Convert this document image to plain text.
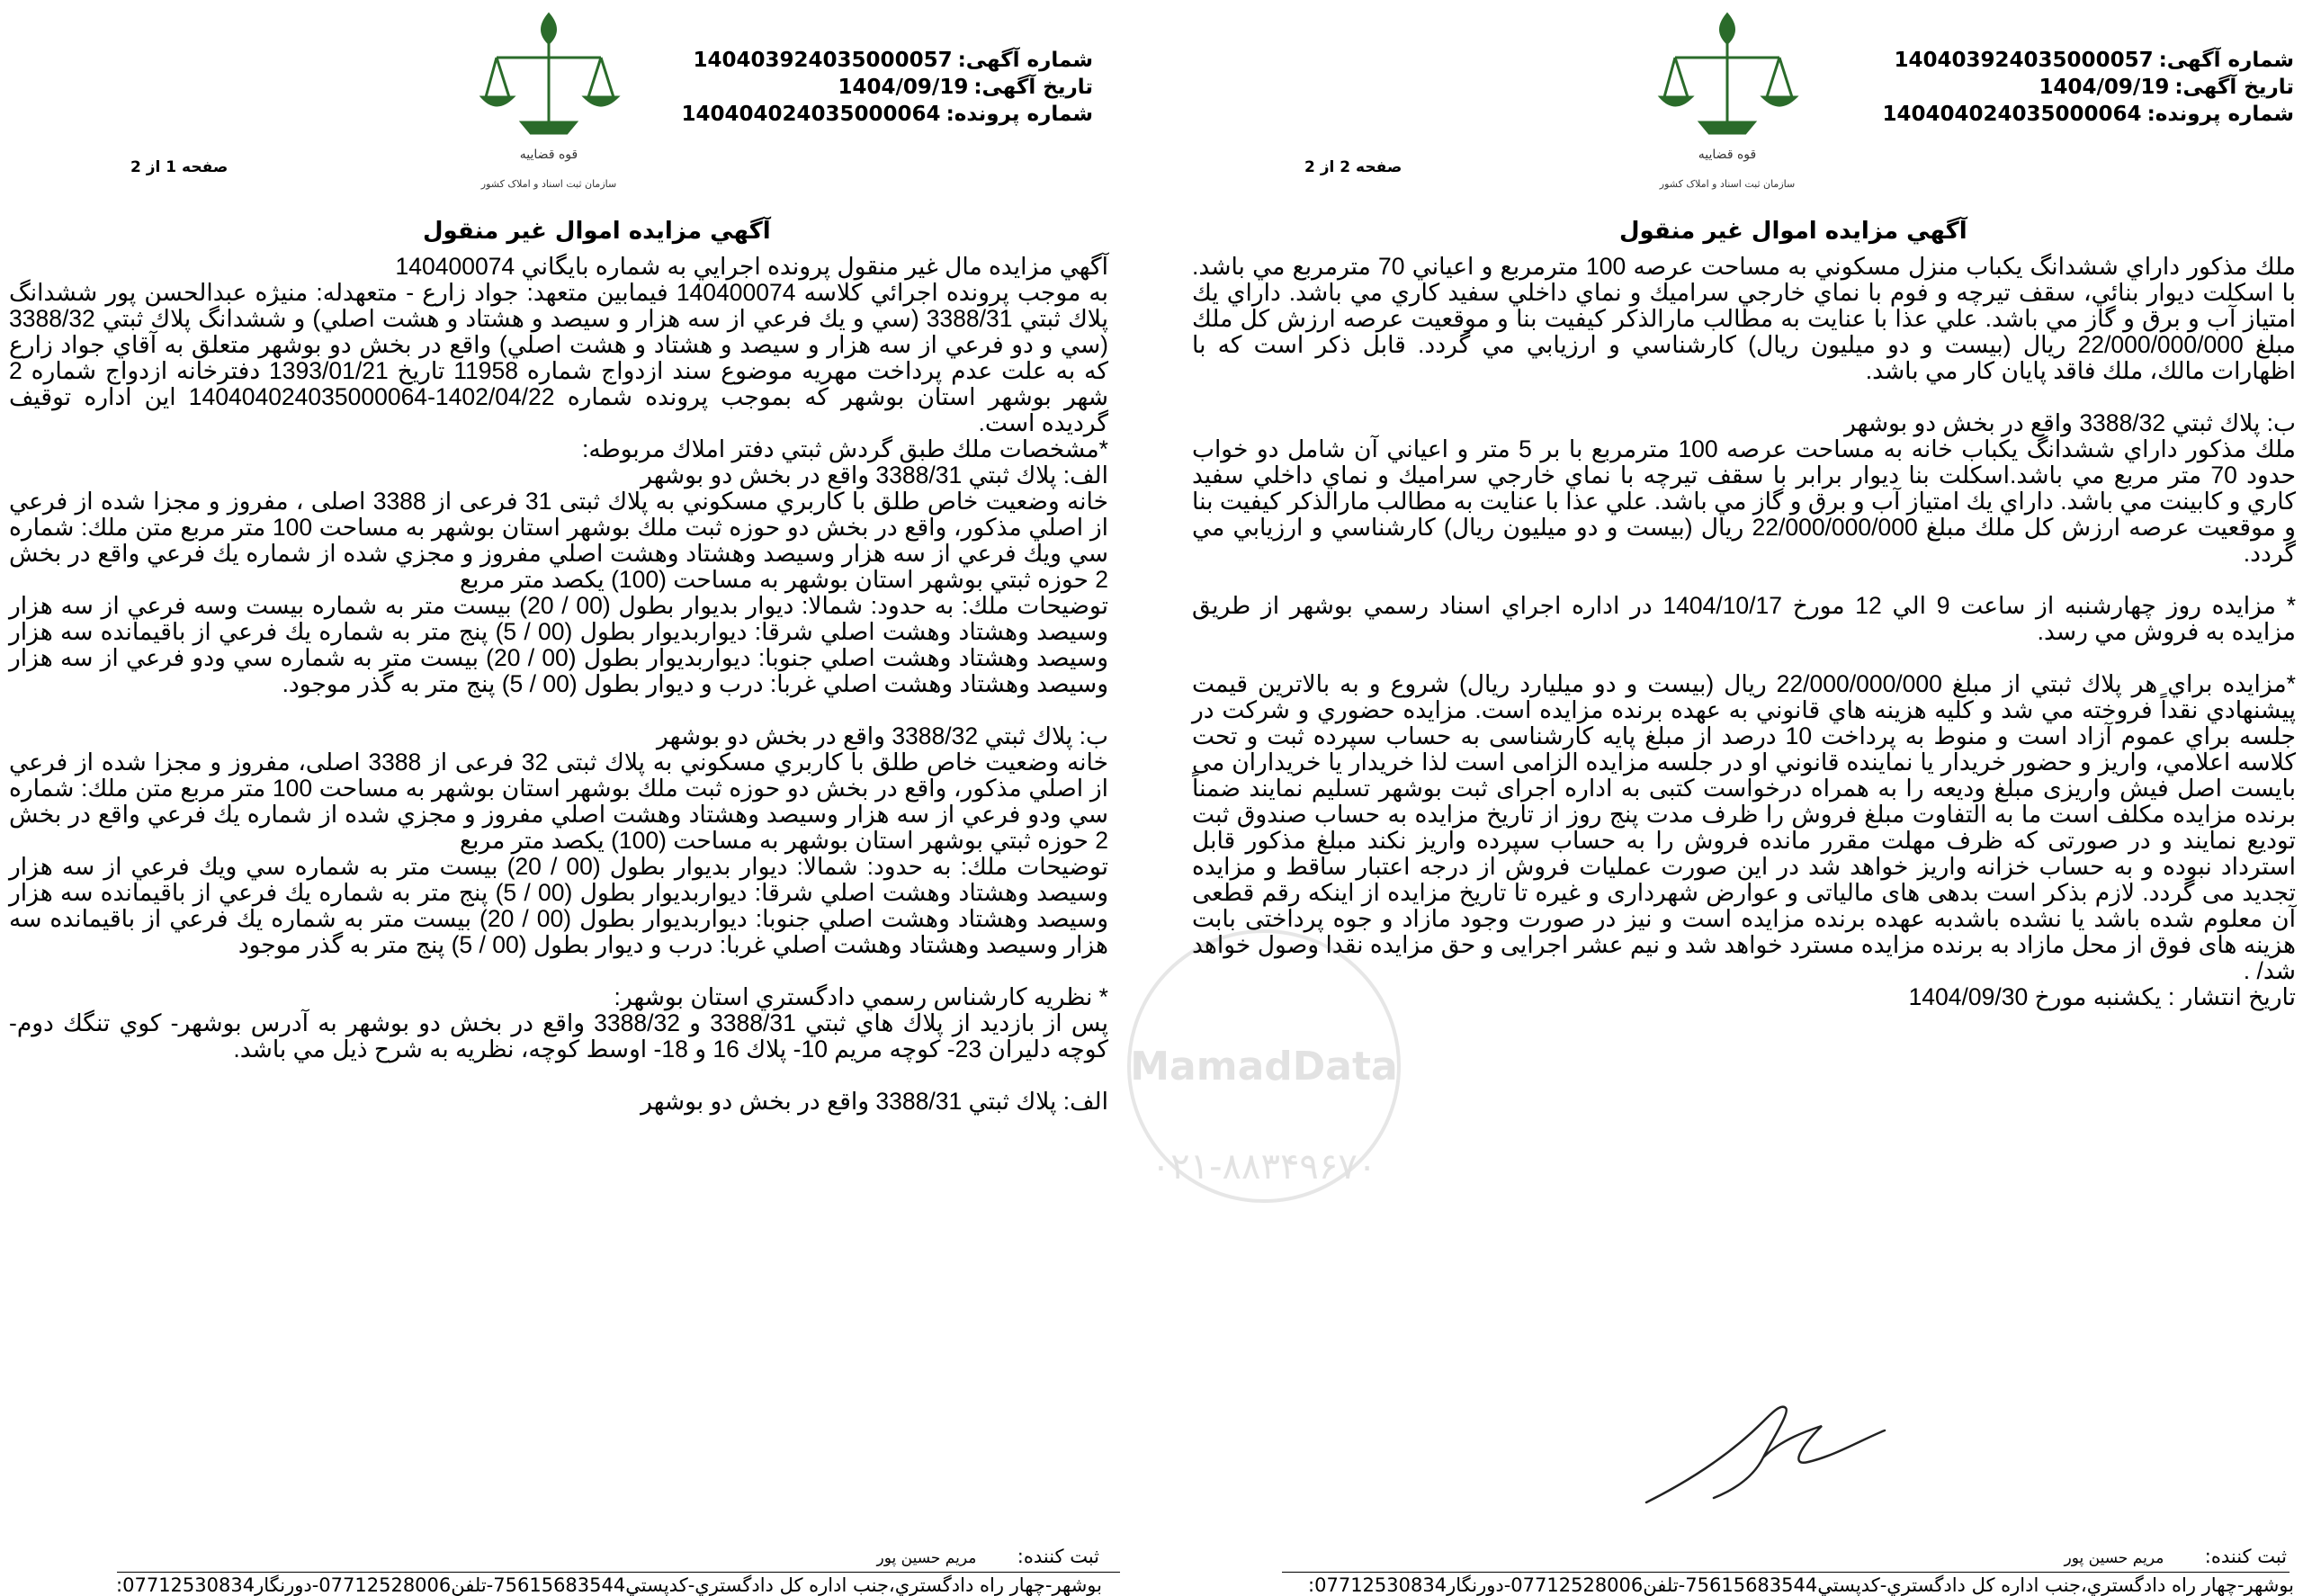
شماره آگهی:140403924035000057
تاریخ آگهی:1404/09/19
شماره پرونده:140404024035000064
قوه قضاییه
سازمان ثبت اسناد و املاک کشور
صفحه 1 از 2
آگهي مزايده اموال غير منقول

آگهي مزايده مال غير منقول پرونده اجرايي به شماره بايگاني 140400074

به موجب پرونده اجرائي كلاسه 140400074 فيمابين متعهد: جواد زارع - متعهدله: منيژه عبدالحسن پور ششدانگ پلاك ثبتي 3388/31 (سي و يك فرعي از سه هزار و سيصد و هشتاد و هشت اصلي) و ششدانگ پلاك ثبتي 3388/32 (سي و دو فرعي از سه هزار و سيصد و هشتاد و هشت اصلي) واقع در بخش دو بوشهر متعلق به آقاي جواد زارع كه به علت عدم پرداخت مهريه موضوع سند ازدواج شماره 11958 تاريخ 1393/01/21 دفترخانه ازدواج شماره 2 شهر بوشهر استان بوشهر كه بموجب پرونده شماره 1402/04/22-140404024035000064 اين اداره توقيف گرديده است.

*مشخصات ملك طبق گردش ثبتي دفتر املاك مربوطه:

الف: پلاك ثبتي 3388/31 واقع در بخش دو بوشهر

خانه وضعيت خاص طلق با كاربري مسكوني به پلاك ثبتی 31 فرعی از 3388 اصلی ، مفروز و مجزا شده از فرعي از اصلي مذكور، واقع در بخش دو حوزه ثبت ملك بوشهر استان بوشهر به مساحت 100 متر مربع متن ملك: شماره سي ويك فرعي از سه هزار وسيصد وهشتاد وهشت اصلي مفروز و مجزي شده از شماره يك فرعي واقع در بخش 2 حوزه ثبتي بوشهر استان بوشهر به مساحت (100) يكصد متر مربع

توضيحات ملك: به حدود: شمالا: ديوار بديوار بطول (00 / 20) بيست متر به شماره بيست وسه فرعي از سه هزار وسيصد وهشتاد وهشت اصلي شرقا: ديواربديوار بطول (00 / 5) پنج متر به شماره يك فرعي از باقيمانده سه هزار وسيصد وهشتاد وهشت اصلي جنوبا: ديواربديوار بطول (00 / 20) بيست متر به شماره سي ودو فرعي از سه هزار وسيصد وهشتاد وهشت اصلي غربا: درب و ديوار بطول (00 / 5) پنج متر به گذر موجود.

ب: پلاك ثبتي 3388/32 واقع در بخش دو بوشهر

خانه وضعيت خاص طلق با كاربري مسكوني به پلاك ثبتی 32 فرعی از 3388 اصلی، مفروز و مجزا شده از فرعي از اصلي مذكور، واقع در بخش دو حوزه ثبت ملك بوشهر استان بوشهر به مساحت 100 متر مربع متن ملك: شماره سي ودو فرعي از سه هزار وسيصد وهشتاد وهشت اصلي مفروز و مجزي شده از شماره يك فرعي واقع در بخش 2 حوزه ثبتي بوشهر استان بوشهر به مساحت (100) يكصد متر مربع

توضيحات ملك: به حدود: شمالا: ديوار بديوار بطول (00 / 20) بيست متر به شماره سي ويك فرعي از سه هزار وسيصد وهشتاد وهشت اصلي شرقا: ديواربديوار بطول (00 / 5) پنج متر به شماره يك فرعي از باقيمانده سه هزار وسيصد وهشتاد وهشت اصلي جنوبا: ديواربديوار بطول (00 / 20) بيست متر به شماره يك فرعي از باقيمانده سه هزار وسيصد وهشتاد وهشت اصلي غربا: درب و ديوار بطول (00 / 5) پنج متر به گذر موجود

* نظريه كارشناس رسمي دادگستري استان بوشهر:

پس از بازديد از پلاك هاي ثبتي 3388/31 و 3388/32 واقع در بخش دو بوشهر به آدرس بوشهر- كوي تنگك دوم- كوچه دليران 23- كوچه مريم 10- پلاك 16 و 18- اوسط كوچه، نظريه به شرح ذيل مي باشد.

الف: پلاك ثبتي 3388/31 واقع در بخش دو بوشهر

ثبت کننده: مریم حسین پور
بوشهر-چهار راه دادگستري،جنب اداره کل دادگستري-کدپستي75615683544-تلفن07712528006-دورنگار07712530834:
شماره آگهی:140403924035000057
تاریخ آگهی:1404/09/19
شماره پرونده:140404024035000064
قوه قضاییه
سازمان ثبت اسناد و املاک کشور
صفحه 2 از 2
آگهي مزايده اموال غير منقول

ملك مذكور داراي ششدانگ يكباب منزل مسكوني به مساحت عرصه 100 مترمربع و اعياني 70 مترمربع مي باشد. با اسكلت ديوار بنائي، سقف تيرچه و فوم با نماي خارجي سراميك و نماي داخلي سفيد كاري مي باشد. داراي يك امتياز آب و برق و گاز مي باشد. علي عذا با عنايت به مطالب مارالذكر كيفيت بنا و موقعيت عرصه ارزش كل ملك مبلغ 22/000/000/000 ريال (بيست و دو ميليون ريال) كارشناسي و ارزيابي مي گردد. قابل ذكر است كه با اظهارات مالك، ملك فاقد پايان كار مي باشد.

ب: پلاك ثبتي 3388/32 واقع در بخش دو بوشهر

ملك مذكور داراي ششدانگ يكباب خانه به مساحت عرصه 100 مترمربع با بر 5 متر و اعياني آن شامل دو خواب حدود 70 متر مربع مي باشد.اسكلت بنا ديوار برابر با سقف تيرچه با نماي خارجي سراميك و نماي داخلي سفيد كاري و كابينت مي باشد. داراي يك امتياز آب و برق و گاز مي باشد. علي عذا با عنايت به مطالب مارالذكر كيفيت بنا و موقعيت عرصه ارزش كل ملك مبلغ 22/000/000/000 ريال (بيست و دو ميليون ريال) كارشناسي و ارزيابي مي گردد.

* مزايده روز چهارشنبه از ساعت 9 الي 12 مورخ 1404/10/17 در اداره اجراي اسناد رسمي بوشهر از طريق مزايده به فروش مي رسد.

*مزايده براي هر پلاك ثبتي از مبلغ 22/000/000/000 ريال (بيست و دو ميليارد ريال) شروع و به بالاترين قيمت پيشنهادي نقداً فروخته مي شد و كليه هزينه هاي قانوني به عهده برنده مزايده است. مزايده حضوري و شركت در جلسه براي عموم آزاد است و منوط به پرداخت 10 درصد از مبلغ پايه كارشناسی به حساب سپرده ثبت و تحت كلاسه اعلامي، واريز و حضور خريدار يا نماينده قانوني او در جلسه مزايده الزامی است لذا خريدار يا خريداران می بايست اصل فيش واريزی مبلغ وديعه را به همراه درخواست كتبی به اداره اجرای ثبت بوشهر تسليم نمايند ضمناً برنده مزايده مكلف است ما به التفاوت مبلغ فروش را ظرف مدت پنج روز از تاريخ مزايده به حساب صندوق ثبت توديع نمايند و در صورتی كه ظرف مهلت مقرر مانده فروش را به حساب سپرده واريز نكند مبلغ مذكور قابل استرداد نبوده و به حساب خزانه واريز خواهد شد در اين صورت عمليات فروش از درجه اعتبار ساقط و مزايده تجديد می گردد. لازم بذكر است بدهی های مالياتی و عوارض شهرداری و غيره تا تاريخ مزايده از اينكه رقم قطعی آن معلوم شده باشد يا نشده باشدبه عهده برنده مزايده است و نيز در صورت وجود مازاد و جوه پرداختی بابت هزينه های فوق از محل مازاد به برنده مزايده مسترد خواهد شد و نيم عشر اجرايی و حق مزايده نقدا وصول خواهد شد/ .

تاريخ انتشار : يكشنبه مورخ 1404/09/30

ثبت کننده: مریم حسین پور
بوشهر-چهار راه دادگستري،جنب اداره کل دادگستري-کدپستي75615683544-تلفن07712528006-دورنگار07712530834:
MamadData
۰۲۱-۸۸۳۴۹۶۷۰
